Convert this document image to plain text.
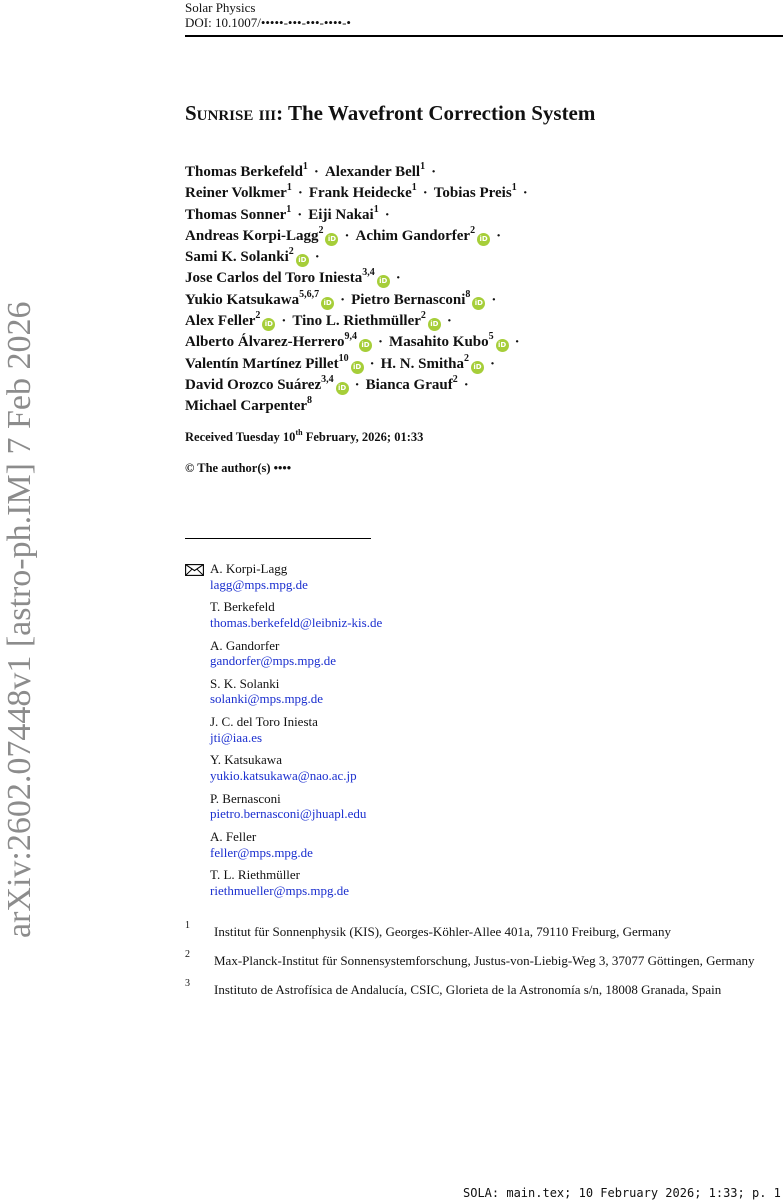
Solar Physics
DOI: 10.1007/•••••-•••-•••-••••-•
arXiv:2602.07448v1 [astro-ph.IM] 7 Feb 2026
Sunrise iii: The Wavefront Correction System
Thomas Berkefeld$^1$ · Alexander Bell$^1$ ·
Reiner Volkmer$^1$ · Frank Heidecke$^1$ · Tobias Preis$^1$ ·
Thomas Sonner$^1$ · Eiji Nakai$^1$ ·
Andreas Korpi-Lagg$^2$iD · Achim Gandorfer$^2$iD ·
Sami K. Solanki$^2$iD ·
Jose Carlos del Toro Iniesta$^{3,4}$iD ·
Yukio Katsukawa$^{5,6,7}$iD · Pietro Bernasconi$^8$iD ·
Alex Feller$^2$iD · Tino L. Riethmüller$^2$iD ·
Alberto Álvarez-Herrero$^{9,4}$iD · Masahito Kubo$^5$iD ·
Valentín Martínez Pillet$^{10}$iD · H. N. Smitha$^2$iD ·
David Orozco Suárez$^{3,4}$iD · Bianca Grauf$^2$ ·
Michael Carpenter$^8$
Received Tuesday 10th February, 2026; 01:33
© The author(s) ••••
A. Korpi-Lagg
lagg@mps.mpg.de
T. Berkefeld
thomas.berkefeld@leibniz-kis.de
A. Gandorfer
gandorfer@mps.mpg.de
S. K. Solanki
solanki@mps.mpg.de
J. C. del Toro Iniesta
jti@iaa.es
Y. Katsukawa
yukio.katsukawa@nao.ac.jp
P. Bernasconi
pietro.bernasconi@jhuapl.edu
A. Feller
feller@mps.mpg.de
T. L. Riethmüller
riethmueller@mps.mpg.de
1 Institut für Sonnenphysik (KIS), Georges-Köhler-Allee 401a, 79110 Freiburg, Germany
2 Max-Planck-Institut für Sonnensystemforschung, Justus-von-Liebig-Weg 3, 37077 Göttingen, Germany
3 Instituto de Astrofísica de Andalucía, CSIC, Glorieta de la Astronomía s/n, 18008 Granada, Spain
SOLA: main.tex; 10 February 2026; 1:33; p. 1
